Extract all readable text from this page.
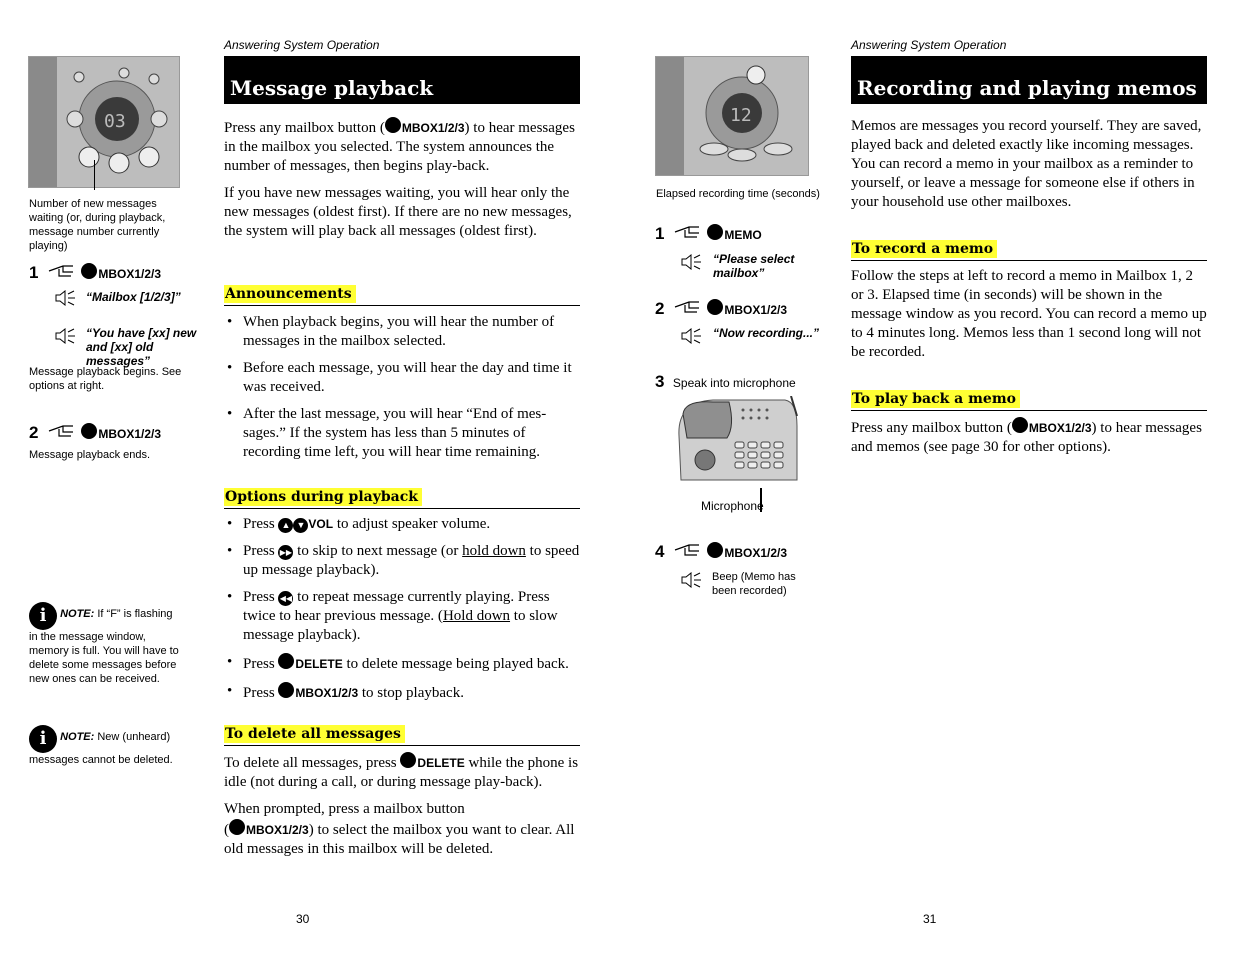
Answering System Operation
03
Number of new messages waiting (or, during playback, message number currently playing)
1	MBOX1/2/3
“Mailbox [1/2/3]”
“You have [xx] new and [xx] old messages”
Message playback begins. See options at right.
2	MBOX1/2/3
Message playback ends.
i NOTE: If “F” is flashing in the message window, memory is full. You will have to delete some messages before new ones can be received.
i NOTE: New (unheard) messages cannot be deleted.
Message playback

Press any mailbox button ( MBOX1/2/3) to hear messages in the mailbox you selected. The system announces the number of messages, then begins play-back.

If you have new messages waiting, you will hear only the new messages (oldest first). If there are no new messages, the system will play back all messages (oldest first).

Announcements
• When playback begins, you will hear the number of messages in the mailbox selected.
• Before each message, you will hear the day and time it was received.
• After the last message, you will hear “End of mes-sages.” If the system has less than 5 minutes of recording time left, you will hear time remaining.
Options during playback
• Press ▲ ▼ VOL to adjust speaker volume.
• Press ▶▶ to skip to next message (or hold down to speed up message playback).
• Press ◀◀ to repeat message currently playing. Press twice to hear previous message. (Hold down to slow message playback).
• Press DELETE to delete message being played back.
• Press MBOX1/2/3 to stop playback.
To delete all messages

To delete all messages, press DELETE while the phone is idle (not during a call, or during message play-back).

When prompted, press a mailbox button
( MBOX1/2/3) to select the mailbox you want to clear. All old messages in this mailbox will be deleted.

30
Answering System Operation
12
Elapsed recording time (seconds)
1	MEMO
“Please select mailbox”
2	MBOX1/2/3
“Now recording...”
3 Speak into microphone
Microphone
4	MBOX1/2/3
Beep (Memo has been recorded)
Recording and playing memos
Memos are messages you record yourself. They are saved, played back and deleted exactly like incoming messages. You can record a memo in your mailbox as a reminder to yourself, or leave a message for someone else if others in your household use other mailboxes.
To record a memo
Follow the steps at left to record a memo in Mailbox 1, 2 or 3. Elapsed time (in seconds) will be shown in the message window as you record. You can record a memo up to 4 minutes long. Memos less than 1 second long will not be recorded.
To play back a memo
Press any mailbox button ( MBOX1/2/3) to hear messages and memos (see page 30 for other options).
31
